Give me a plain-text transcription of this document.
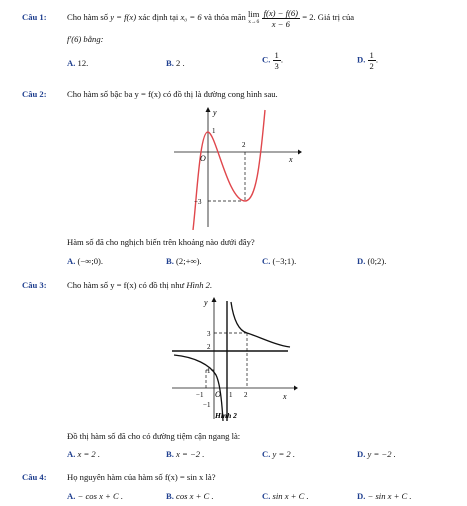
Câu 1: Cho hàm số y = f(x) xác định tại x₀ = 6 và thỏa mãn lim
x→6
$\frac{f(x) - f(6)}{x - 6} = 2$. Giá trị của
f′(6) bằng:
A. 12.	B. 2 .	C. $\frac{1}{3}$ .	D. $\frac{1}{2}$ .
Câu 2: Cho hàm số bậc ba y = f(x) có đồ thị là đường cong hình sau.
y
x
O
1
2
−3
Hàm số đã cho nghịch biến trên khoảng nào dưới đây?
A. (−∞;0).	B. (2;+∞).	C. (−3;1).	D. (0;2).
Câu 3: Cho hàm số y = f(x) có đồ thị như Hình 2.
y
x
O
3
2
1
−1	1 2
−1
Hình 2
Đồ thị hàm số đã cho có đường tiệm cận ngang là:
A. x = 2 .	B. x = −2 .	C. y = 2 .	D. y = −2 .
Câu 4: Họ nguyên hàm của hàm số f(x) = sin x là?
A. − cos x + C .	B. cos x + C .	C. sin x + C .	D. − sin x + C .
